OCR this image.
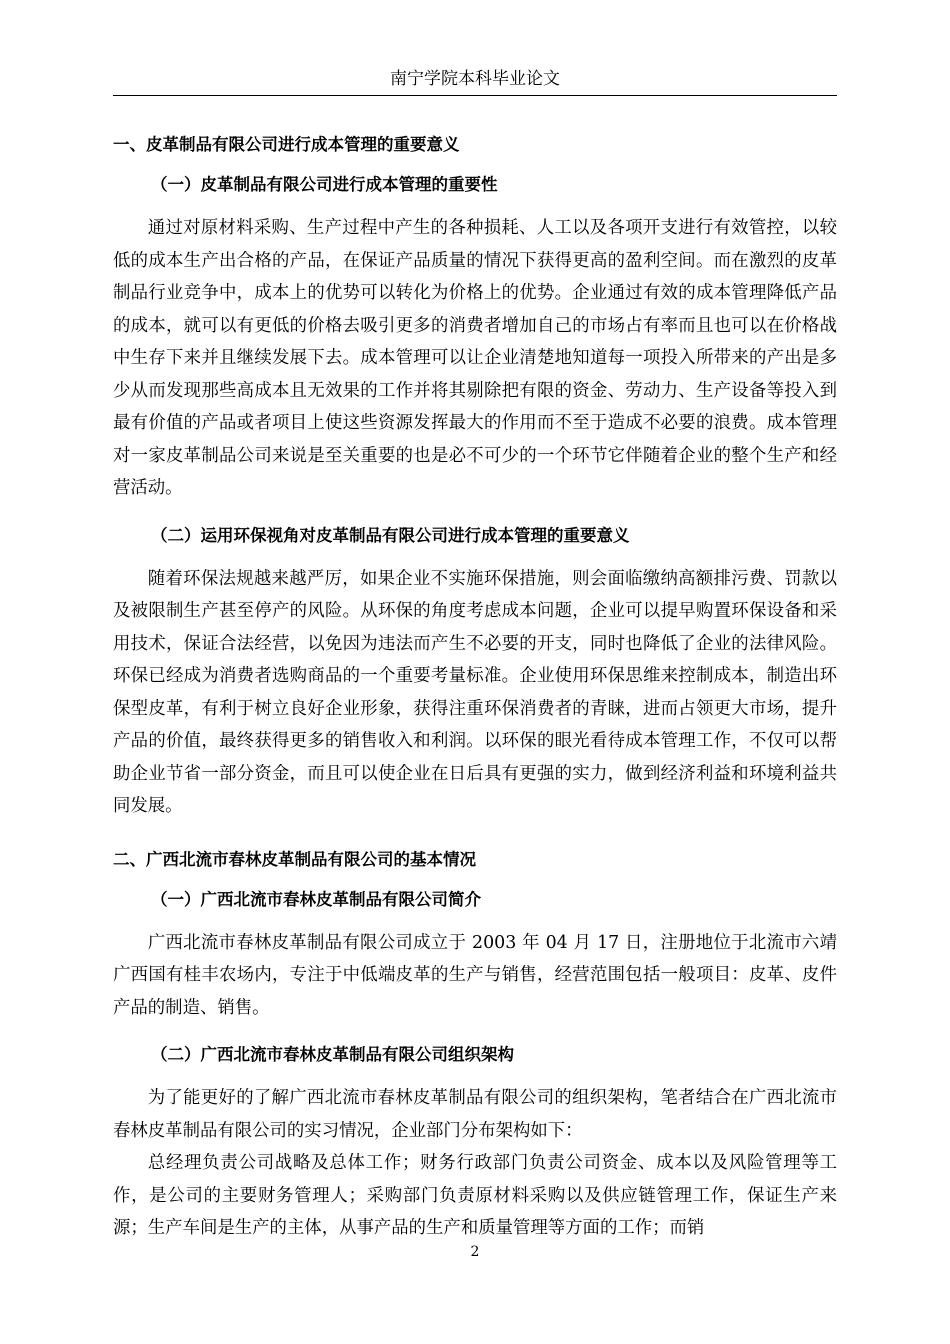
南宁学院本科毕业论文
一、皮革制品有限公司进行成本管理的重要意义
（一）皮革制品有限公司进行成本管理的重要性

通过对原材料采购、生产过程中产生的各种损耗、人工以及各项开支进行有效管控，以较低的成本生产出合格的产品，在保证产品质量的情况下获得更高的盈利空间。而在激烈的皮革制品行业竞争中，成本上的优势可以转化为价格上的优势。企业通过有效的成本管理降低产品的成本，就可以有更低的价格去吸引更多的消费者增加自己的市场占有率而且也可以在价格战中生存下来并且继续发展下去。成本管理可以让企业清楚地知道每一项投入所带来的产出是多少从而发现那些高成本且无效果的工作并将其剔除把有限的资金、劳动力、生产设备等投入到最有价值的产品或者项目上使这些资源发挥最大的作用而不至于造成不必要的浪费。成本管理对一家皮革制品公司来说是至关重要的也是必不可少的一个环节它伴随着企业的整个生产和经营活动。

（二）运用环保视角对皮革制品有限公司进行成本管理的重要意义

随着环保法规越来越严厉，如果企业不实施环保措施，则会面临缴纳高额排污费、罚款以及被限制生产甚至停产的风险。从环保的角度考虑成本问题，企业可以提早购置环保设备和采用技术，保证合法经营，以免因为违法而产生不必要的开支，同时也降低了企业的法律风险。环保已经成为消费者选购商品的一个重要考量标准。企业使用环保思维来控制成本，制造出环保型皮革，有利于树立良好企业形象，获得注重环保消费者的青睐，进而占领更大市场，提升产品的价值，最终获得更多的销售收入和利润。以环保的眼光看待成本管理工作，不仅可以帮助企业节省一部分资金，而且可以使企业在日后具有更强的实力，做到经济利益和环境利益共同发展。

二、广西北流市春林皮革制品有限公司的基本情况
（一）广西北流市春林皮革制品有限公司简介

广西北流市春林皮革制品有限公司成立于 2003 年 04 月 17 日，注册地位于北流市六靖广西国有桂丰农场内，专注于中低端皮革的生产与销售，经营范围包括一般项目：皮革、皮件产品的制造、销售。

（二）广西北流市春林皮革制品有限公司组织架构

为了能更好的了解广西北流市春林皮革制品有限公司的组织架构，笔者结合在广西北流市春林皮革制品有限公司的实习情况，企业部门分布架构如下：

总经理负责公司战略及总体工作；财务行政部门负责公司资金、成本以及风险管理等工作，是公司的主要财务管理人；采购部门负责原材料采购以及供应链管理工作，保证生产来源；生产车间是生产的主体，从事产品的生产和质量管理等方面的工作；而销

2
